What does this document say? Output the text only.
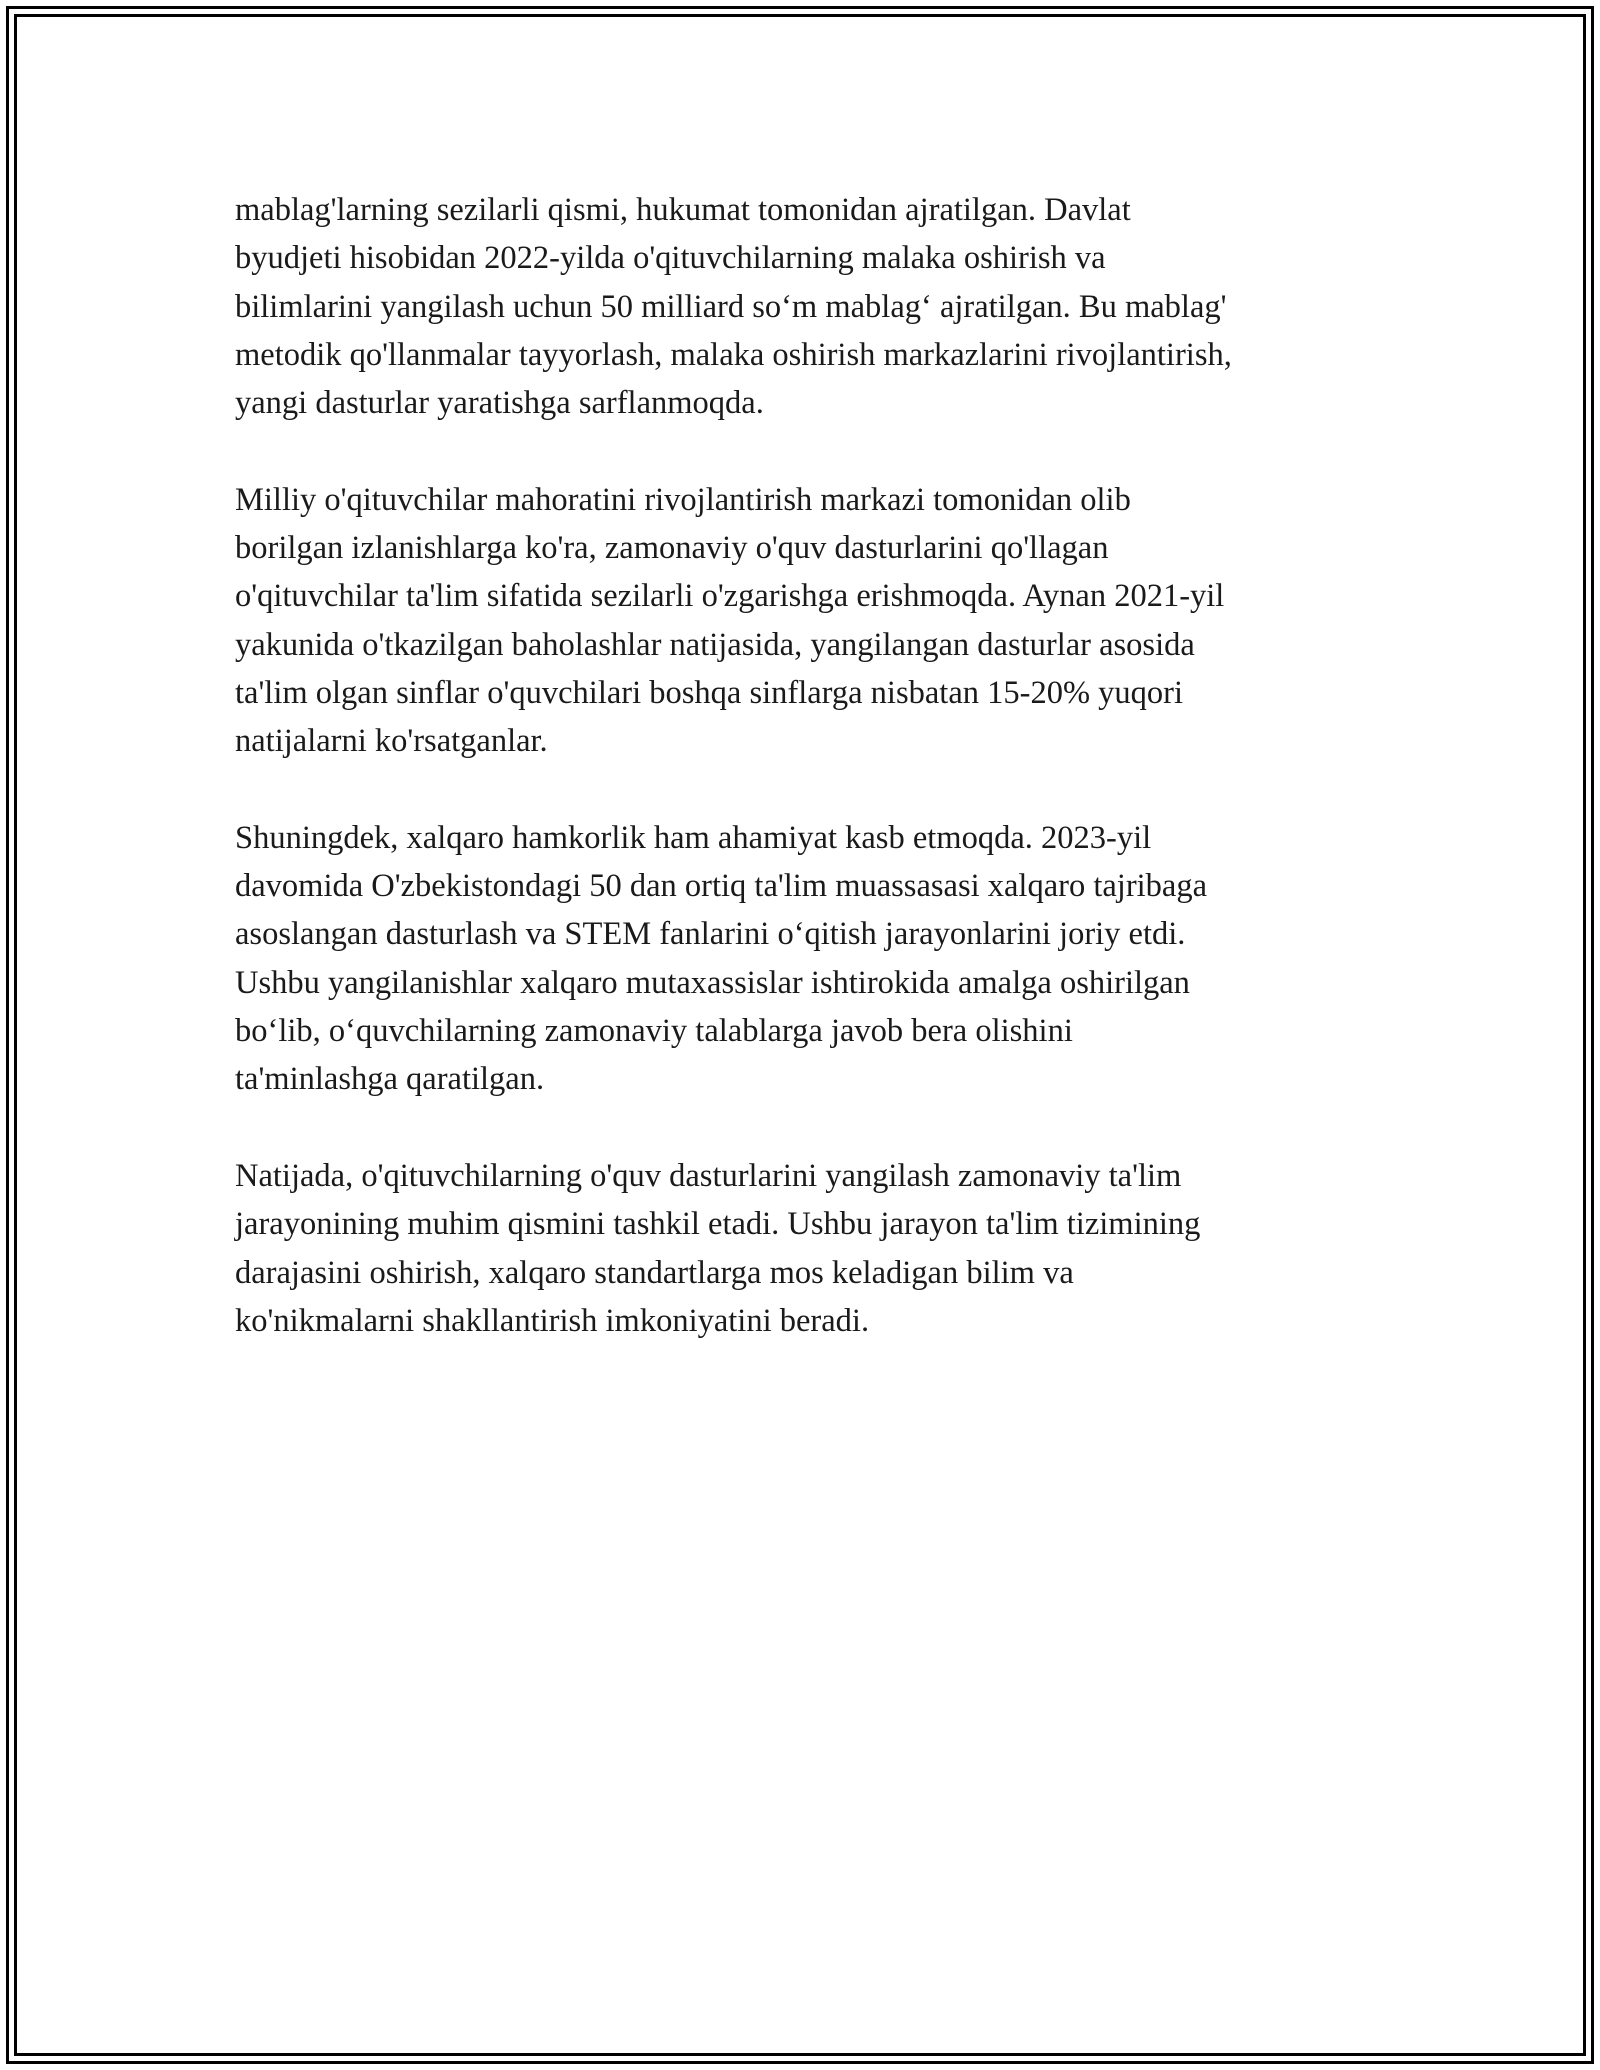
mablag'larning sezilarli qismi, hukumat tomonidan ajratilgan. Davlat
byudjeti hisobidan 2022-yilda o'qituvchilarning malaka oshirish va
bilimlarini yangilash uchun 50 milliard so‘m mablag‘ ajratilgan. Bu mablag'
metodik qo'llanmalar tayyorlash, malaka oshirish markazlarini rivojlantirish,
yangi dasturlar yaratishga sarflanmoqda.

Milliy o'qituvchilar mahoratini rivojlantirish markazi tomonidan olib
borilgan izlanishlarga ko'ra, zamonaviy o'quv dasturlarini qo'llagan
o'qituvchilar ta'lim sifatida sezilarli o'zgarishga erishmoqda. Aynan 2021-yil
yakunida o'tkazilgan baholashlar natijasida, yangilangan dasturlar asosida
ta'lim olgan sinflar o'quvchilari boshqa sinflarga nisbatan 15-20% yuqori
natijalarni ko'rsatganlar.

Shuningdek, xalqaro hamkorlik ham ahamiyat kasb etmoqda. 2023-yil
davomida O'zbekistondagi 50 dan ortiq ta'lim muassasasi xalqaro tajribaga
asoslangan dasturlash va STEM fanlarini o‘qitish jarayonlarini joriy etdi.
Ushbu yangilanishlar xalqaro mutaxassislar ishtirokida amalga oshirilgan
bo‘lib, o‘quvchilarning zamonaviy talablarga javob bera olishini
ta'minlashga qaratilgan.

Natijada, o'qituvchilarning o'quv dasturlarini yangilash zamonaviy ta'lim
jarayonining muhim qismini tashkil etadi. Ushbu jarayon ta'lim tizimining
darajasini oshirish, xalqaro standartlarga mos keladigan bilim va
ko'nikmalarni shakllantirish imkoniyatini beradi.
